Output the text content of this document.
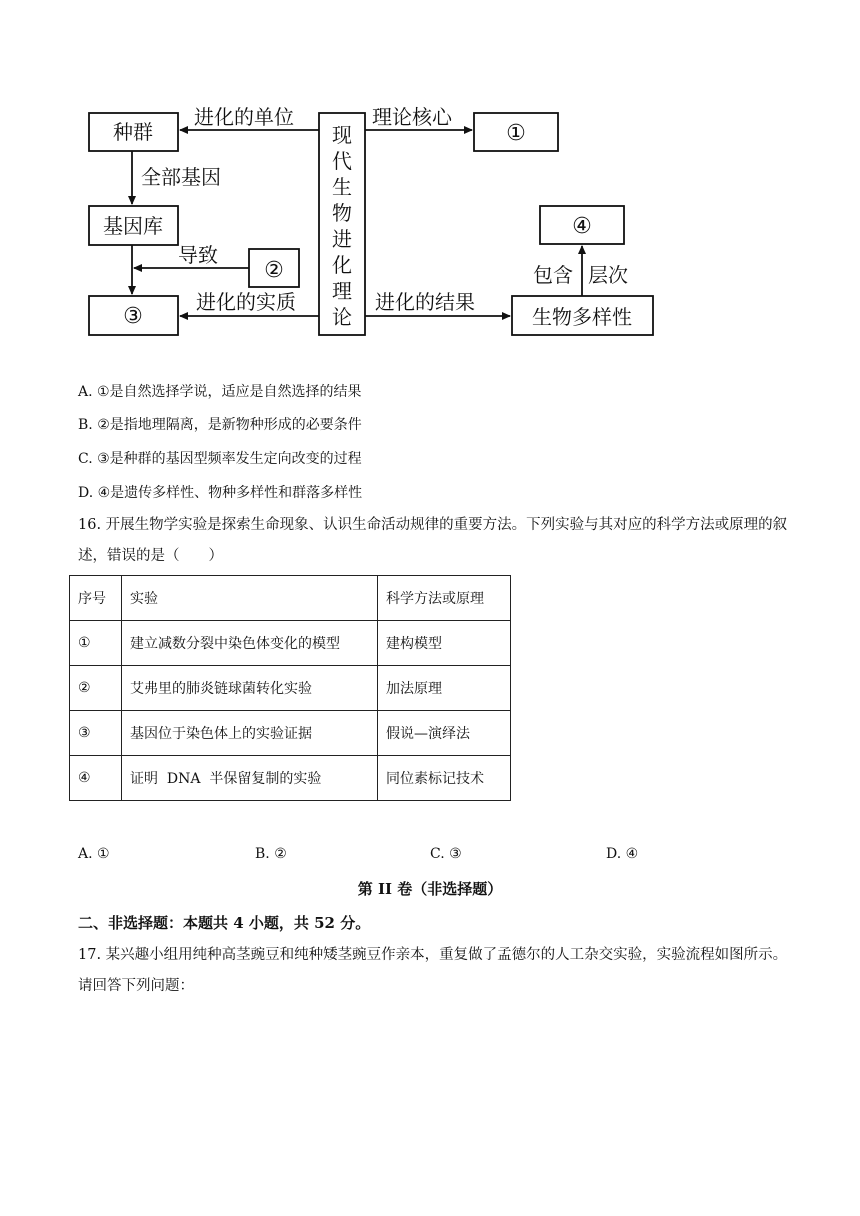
现
代
生
物
进
化
理
论
种群
基因库
③
①
②
④
生物多样性
进化的单位	理论核心
全部基因
导致
进化的实质	进化的结果
包含 层次
A. ①是自然选择学说，适应是自然选择的结果
B. ②是指地理隔离，是新物种形成的必要条件
C. ③是种群的基因型频率发生定向改变的过程
D. ④是遗传多样性、物种多样性和群落多样性
16. 开展生物学实验是探索生命现象、认识生命活动规律的重要方法。下列实验与其对应的科学方法或原理的叙述，错误的是（　　）
序号	实验	科学方法或原理
①	建立减数分裂中染色体变化的模型	建构模型
②	艾弗里的肺炎链球菌转化实验	加法原理
③	基因位于染色体上的实验证据	假说—演绎法
④	证明  DNA  半保留复制的实验	同位素标记技术
A. ①	B. ②	C. ③	D. ④
第 II 卷（非选择题）
二、非选择题：本题共 4 小题，共 52 分。
17. 某兴趣小组用纯种高茎豌豆和纯种矮茎豌豆作亲本，重复做了孟德尔的人工杂交实验，实验流程如图所示。请回答下列问题：
